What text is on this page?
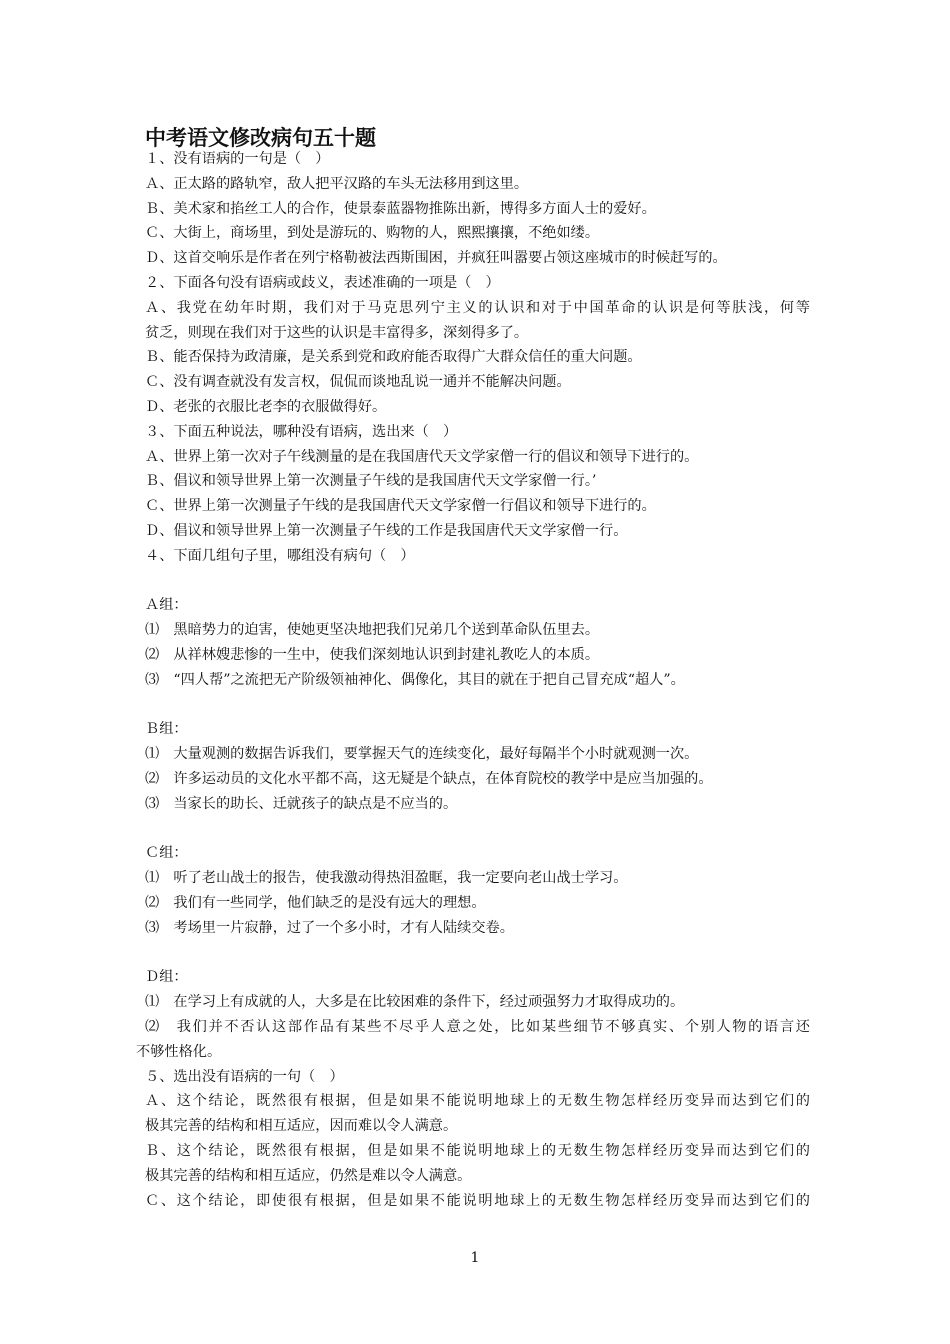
中考语文修改病句五十题
１、没有语病的一句是（　）
Ａ、正太路的路轨窄，敌人把平汉路的车头无法移用到这里。
Ｂ、美术家和掐丝工人的合作，使景泰蓝器物推陈出新，博得多方面人士的爱好。
Ｃ、大街上，商场里，到处是游玩的、购物的人，熙熙攘攘，不绝如缕。
Ｄ、这首交响乐是作者在列宁格勒被法西斯围困，并疯狂叫嚣要占领这座城市的时候赶写的。
２、下面各句没有语病或歧义，表述准确的一项是（　）
Ａ、我党在幼年时期，我们对于马克思列宁主义的认识和对于中国革命的认识是何等肤浅，何等
贫乏，则现在我们对于这些的认识是丰富得多，深刻得多了。
Ｂ、能否保持为政清廉，是关系到党和政府能否取得广大群众信任的重大问题。
Ｃ、没有调查就没有发言权，侃侃而谈地乱说一通并不能解决问题。
Ｄ、老张的衣服比老李的衣服做得好。
３、下面五种说法，哪种没有语病，选出来（　）
Ａ、世界上第一次对子午线测量的是在我国唐代天文学家僧一行的倡议和领导下进行的。
Ｂ、倡议和领导世界上第一次测量子午线的是我国唐代天文学家僧一行。’
Ｃ、世界上第一次测量子午线的是我国唐代天文学家僧一行倡议和领导下进行的。
Ｄ、倡议和领导世界上第一次测量子午线的工作是我国唐代天文学家僧一行。
４、下面几组句子里，哪组没有病句（　）
Ａ组：
⑴　黑暗势力的迫害，使她更坚决地把我们兄弟几个送到革命队伍里去。
⑵　从祥林嫂悲惨的一生中，使我们深刻地认识到封建礼教吃人的本质。
⑶　“四人帮”之流把无产阶级领袖神化、偶像化，其目的就在于把自己冒充成“超人”。
Ｂ组：
⑴　大量观测的数据告诉我们，要掌握天气的连续变化，最好每隔半个小时就观测一次。
⑵　许多运动员的文化水平都不高，这无疑是个缺点，在体育院校的教学中是应当加强的。
⑶　当家长的助长、迁就孩子的缺点是不应当的。
Ｃ组：
⑴　听了老山战士的报告，使我激动得热泪盈眶，我一定要向老山战士学习。
⑵　我们有一些同学，他们缺乏的是没有远大的理想。
⑶　考场里一片寂静，过了一个多小时，才有人陆续交卷。
Ｄ组：
⑴　在学习上有成就的人，大多是在比较困难的条件下，经过顽强努力才取得成功的。
⑵　我们并不否认这部作品有某些不尽乎人意之处，比如某些细节不够真实、个别人物的语言还
不够性格化。
５、选出没有语病的一句（　）
Ａ、这个结论，既然很有根据，但是如果不能说明地球上的无数生物怎样经历变异而达到它们的
极其完善的结构和相互适应，因而难以令人满意。
Ｂ、这个结论，既然很有根据，但是如果不能说明地球上的无数生物怎样经历变异而达到它们的
极其完善的结构和相互适应，仍然是难以令人满意。
Ｃ、这个结论，即使很有根据，但是如果不能说明地球上的无数生物怎样经历变异而达到它们的
1
